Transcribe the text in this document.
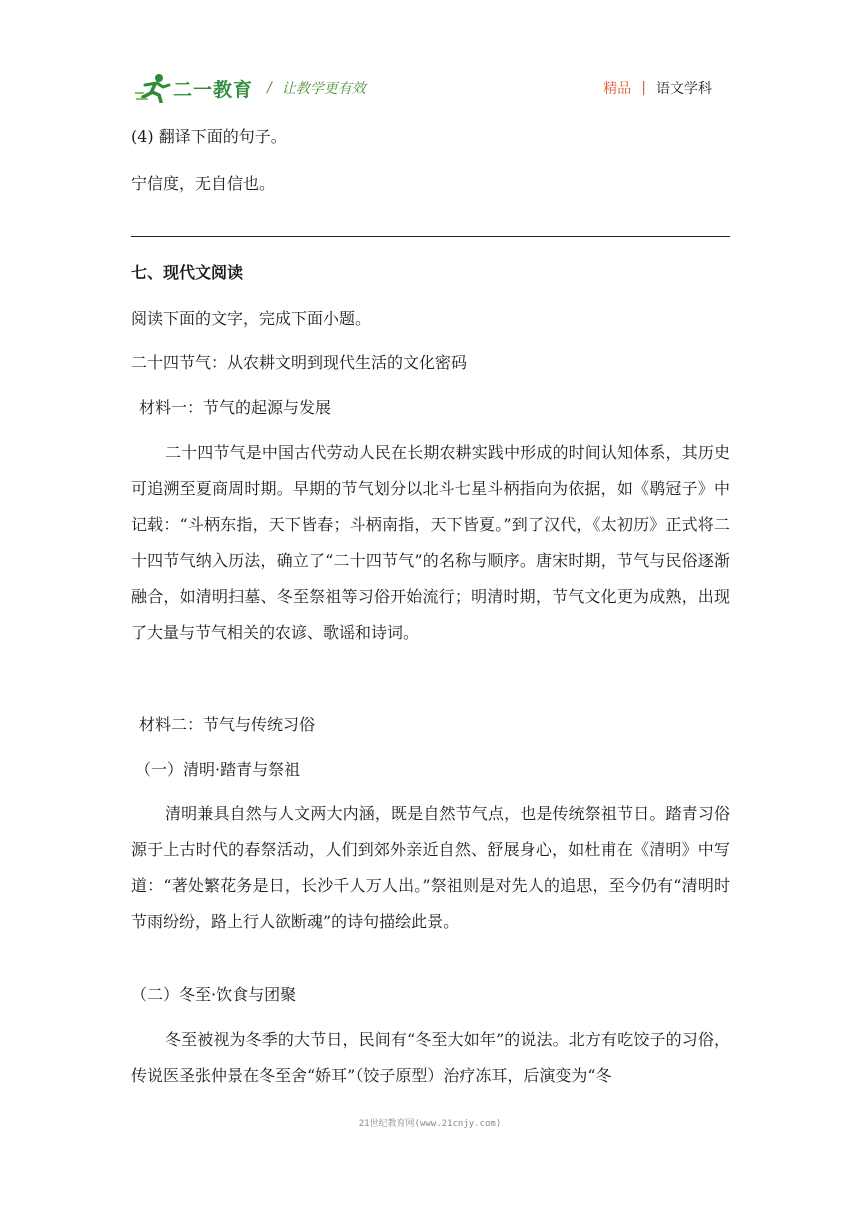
二一教育 / 让教学更有效	精品 | 语文学科
(4) 翻译下面的句子。
宁信度，无自信也。
七、现代文阅读
阅读下面的文字，完成下面小题。
二十四节气：从农耕文明到现代生活的文化密码
材料一：节气的起源与发展
二十四节气是中国古代劳动人民在长期农耕实践中形成的时间认知体系，其历史可追溯至夏商周时期。早期的节气划分以北斗七星斗柄指向为依据，如《鹖冠子》中记载：“斗柄东指，天下皆春；斗柄南指，天下皆夏。”到了汉代，《太初历》正式将二十四节气纳入历法，确立了“二十四节气”的名称与顺序。唐宋时期，节气与民俗逐渐融合，如清明扫墓、冬至祭祖等习俗开始流行；明清时期，节气文化更为成熟，出现了大量与节气相关的农谚、歌谣和诗词。
材料二：节气与传统习俗
（一）清明·踏青与祭祖
清明兼具自然与人文两大内涵，既是自然节气点，也是传统祭祖节日。踏青习俗源于上古时代的春祭活动，人们到郊外亲近自然、舒展身心，如杜甫在《清明》中写道：“著处繁花务是日，长沙千人万人出。”祭祖则是对先人的追思，至今仍有“清明时节雨纷纷，路上行人欲断魂”的诗句描绘此景。
（二）冬至·饮食与团聚
冬至被视为冬季的大节日，民间有“冬至大如年”的说法。北方有吃饺子的习俗，传说医圣张仲景在冬至舍“娇耳”（饺子原型）治疗冻耳，后演变为“冬
21世纪教育网(www.21cnjy.com)
